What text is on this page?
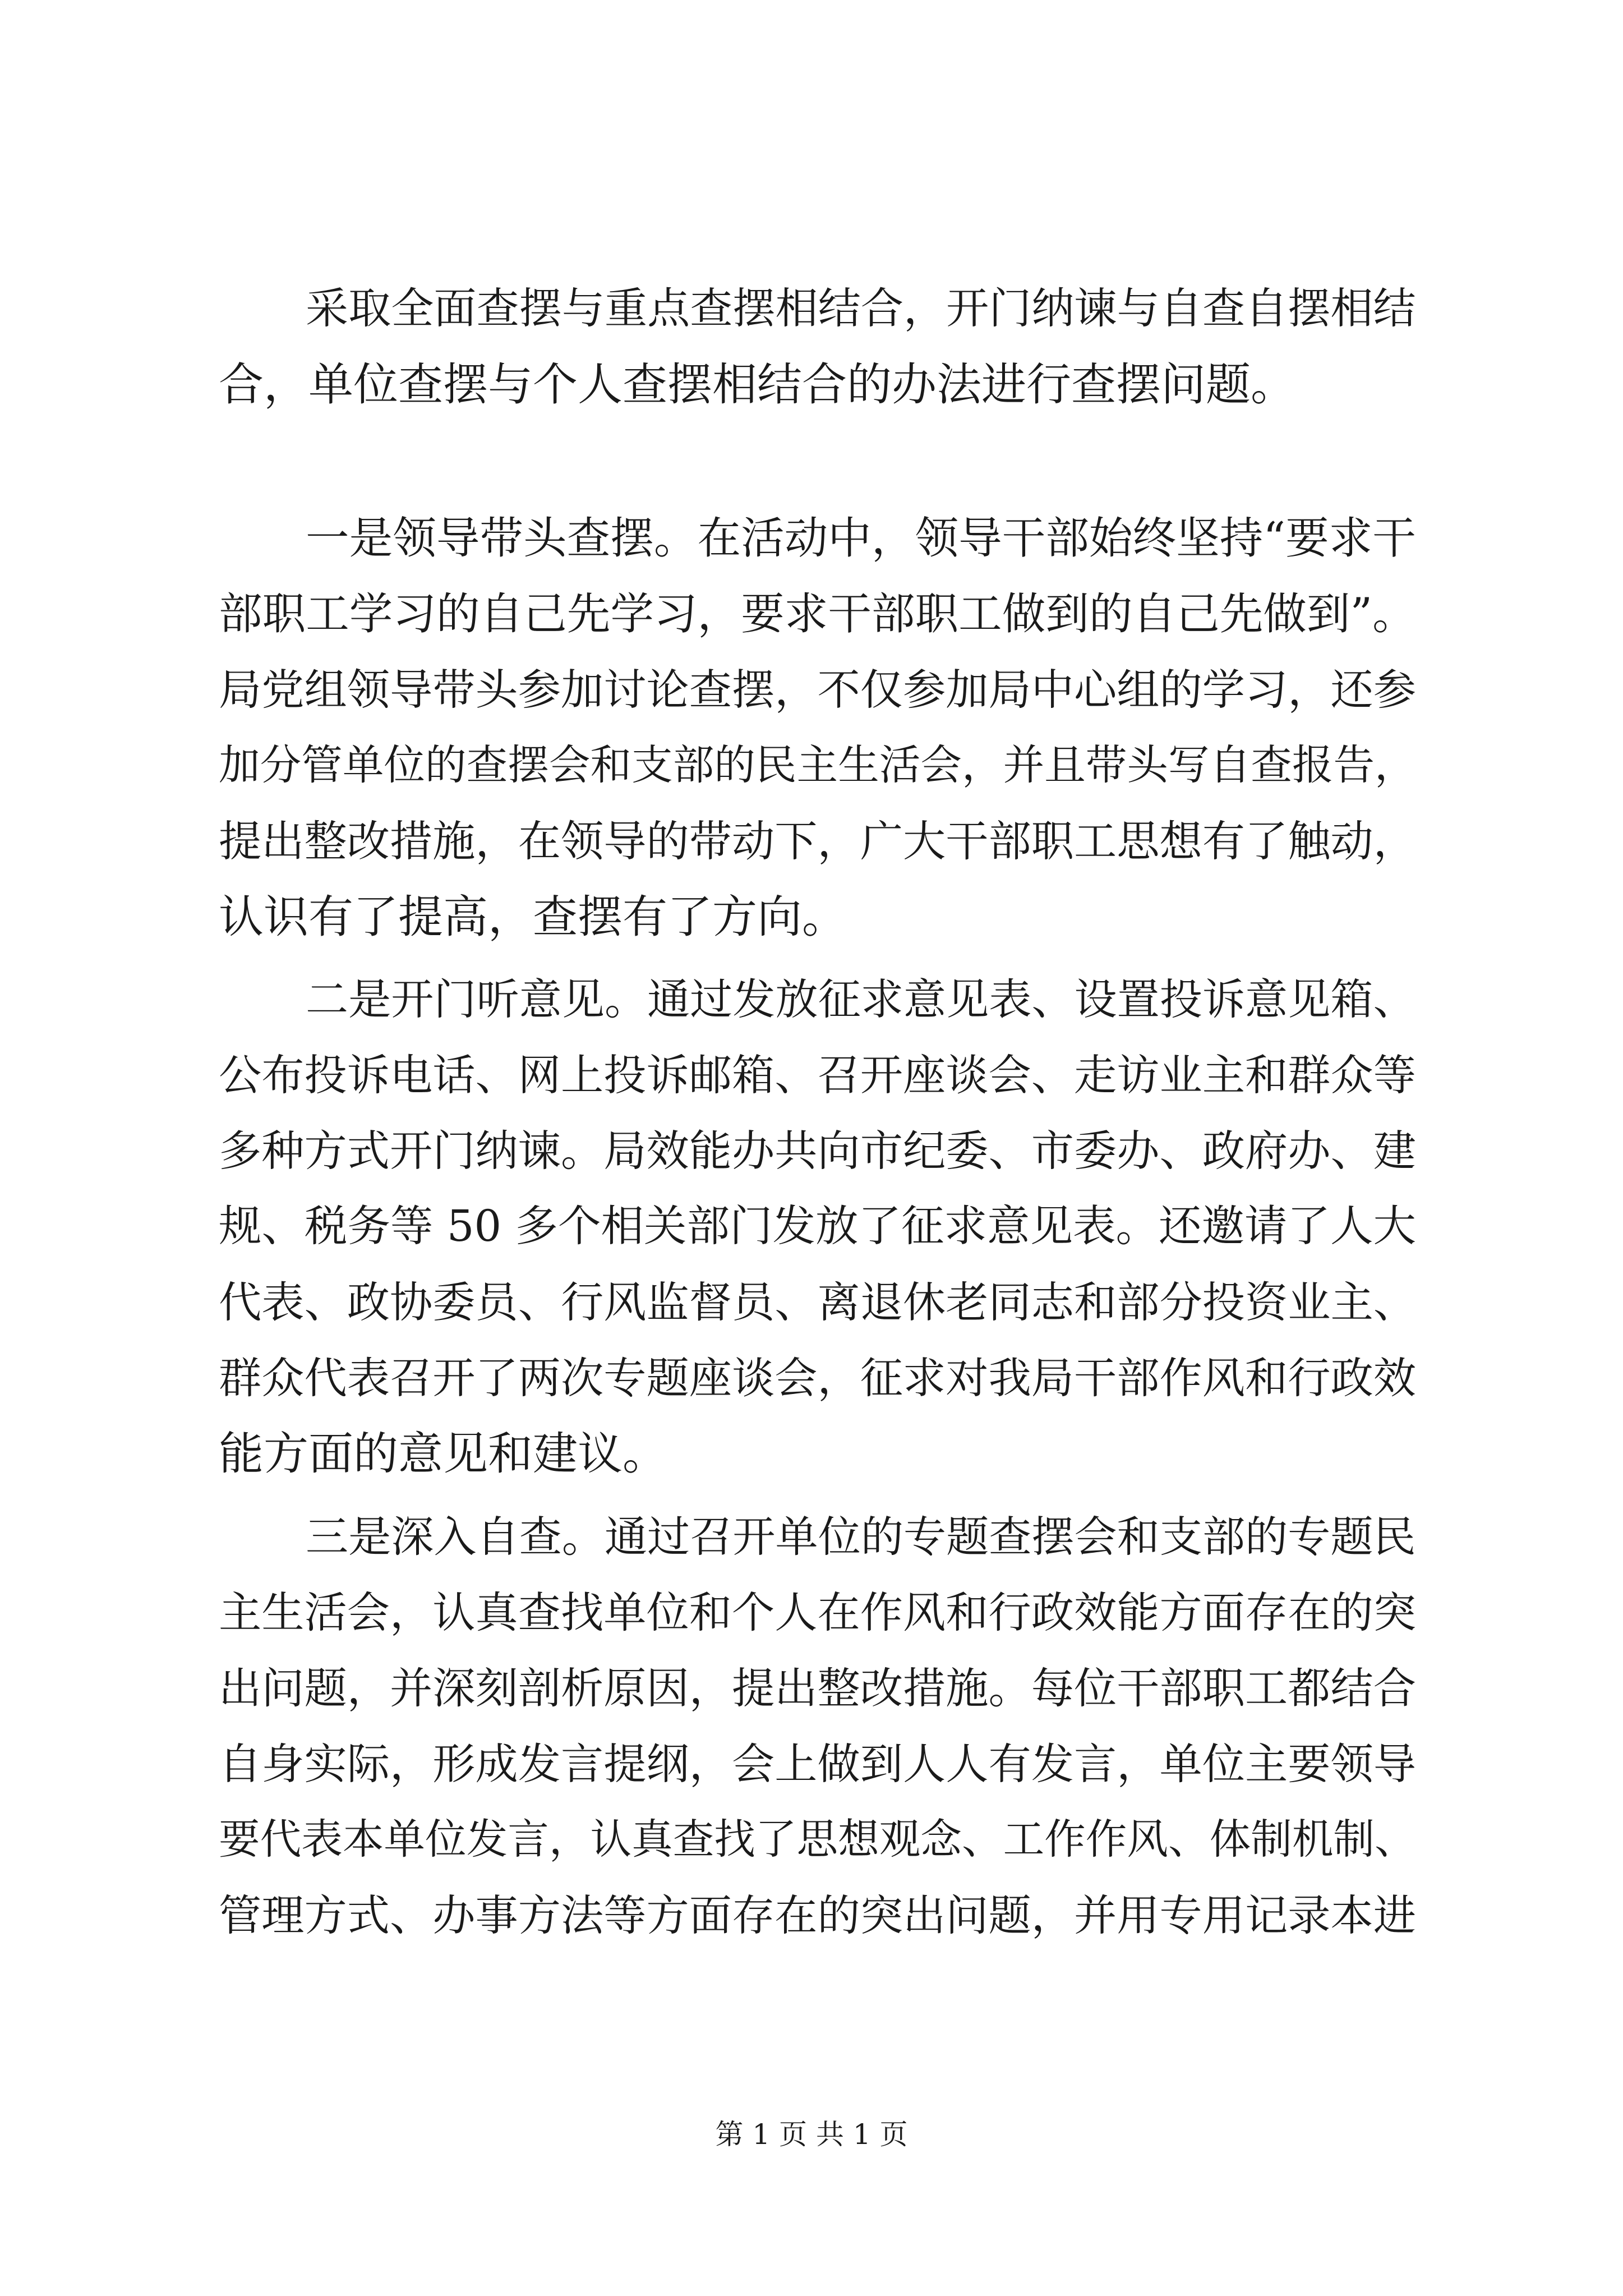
采取全面查摆与重点查摆相结合，开门纳谏与自查自摆相结
合，单位查摆与个人查摆相结合的办法进行查摆问题。
一是领导带头查摆。在活动中，领导干部始终坚持“要求干
部职工学习的自己先学习，要求干部职工做到的自己先做到”。
局党组领导带头参加讨论查摆，不仅参加局中心组的学习，还参
加分管单位的查摆会和支部的民主生活会，并且带头写自查报告，
提出整改措施，在领导的带动下，广大干部职工思想有了触动，
认识有了提高，查摆有了方向。
二是开门听意见。通过发放征求意见表、设置投诉意见箱、
公布投诉电话、网上投诉邮箱、召开座谈会、走访业主和群众等
多种方式开门纳谏。局效能办共向市纪委、市委办、政府办、建
规、税务等 50 多个相关部门发放了征求意见表。还邀请了人大
代表、政协委员、行风监督员、离退休老同志和部分投资业主、
群众代表召开了两次专题座谈会，征求对我局干部作风和行政效
能方面的意见和建议。
三是深入自查。通过召开单位的专题查摆会和支部的专题民
主生活会，认真查找单位和个人在作风和行政效能方面存在的突
出问题，并深刻剖析原因，提出整改措施。每位干部职工都结合
自身实际，形成发言提纲，会上做到人人有发言，单位主要领导
要代表本单位发言，认真查找了思想观念、工作作风、体制机制、
管理方式、办事方法等方面存在的突出问题，并用专用记录本进
第 1 页 共 1 页
